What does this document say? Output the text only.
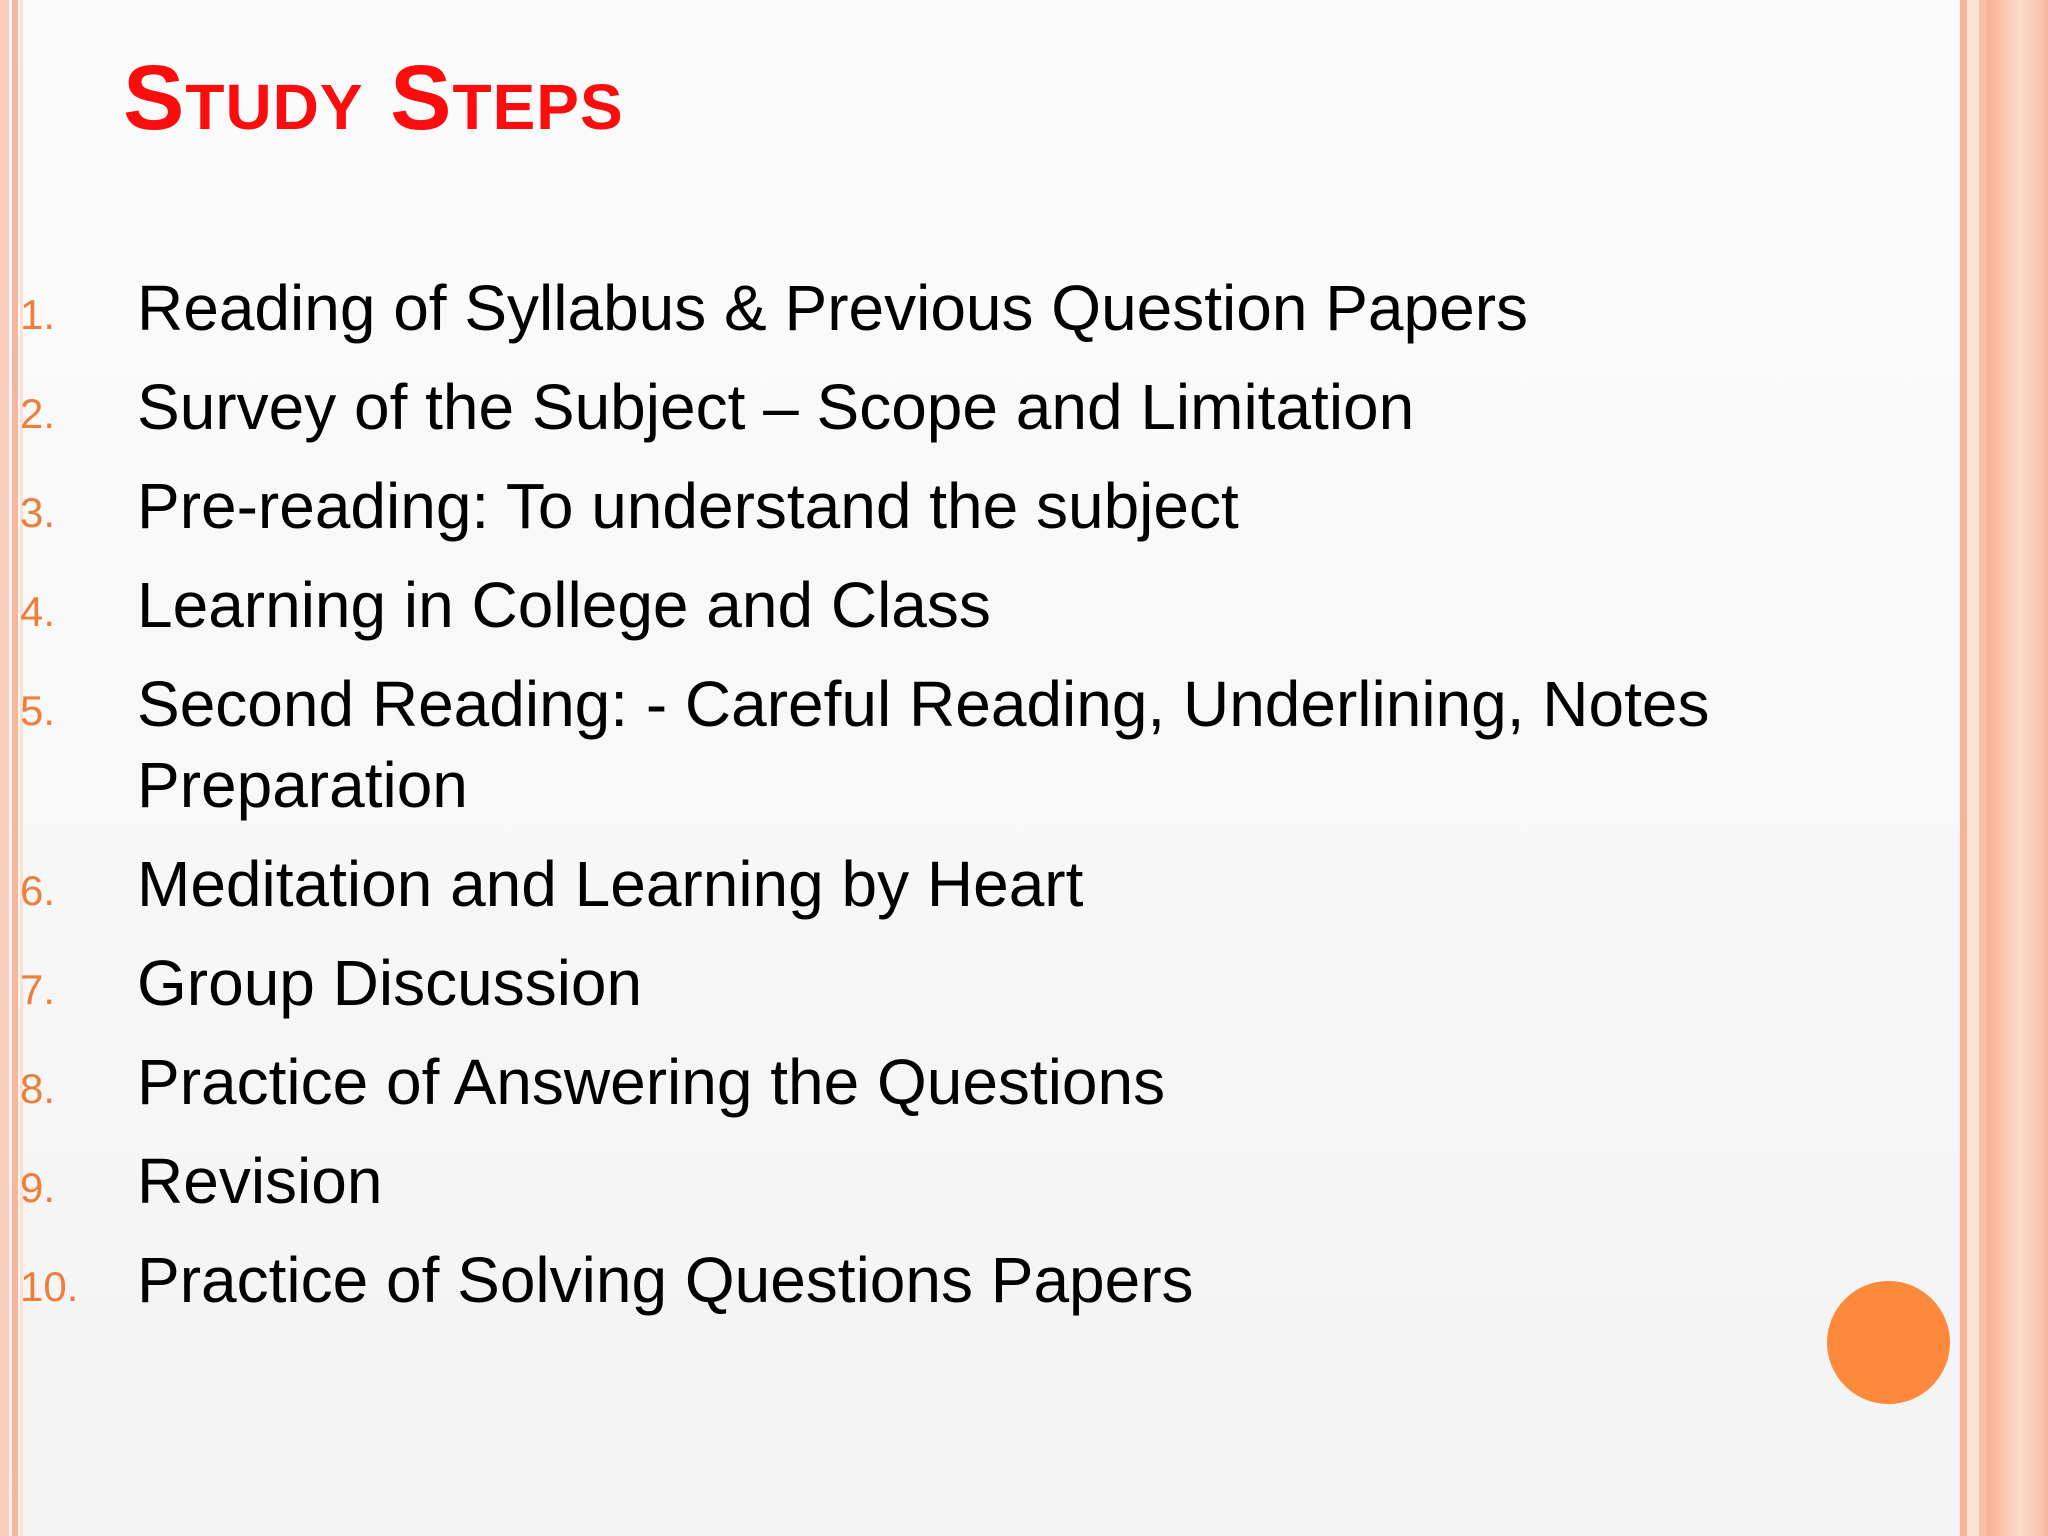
Study Steps
1. Reading of Syllabus & Previous Question Papers
2. Survey of the Subject – Scope and Limitation
3. Pre-reading: To understand the subject
4. Learning in College and Class
5. Second Reading: - Careful Reading, Underlining, Notes Preparation
6. Meditation and Learning by Heart
7. Group Discussion
8. Practice of Answering the Questions
9. Revision
10. Practice of Solving Questions Papers
